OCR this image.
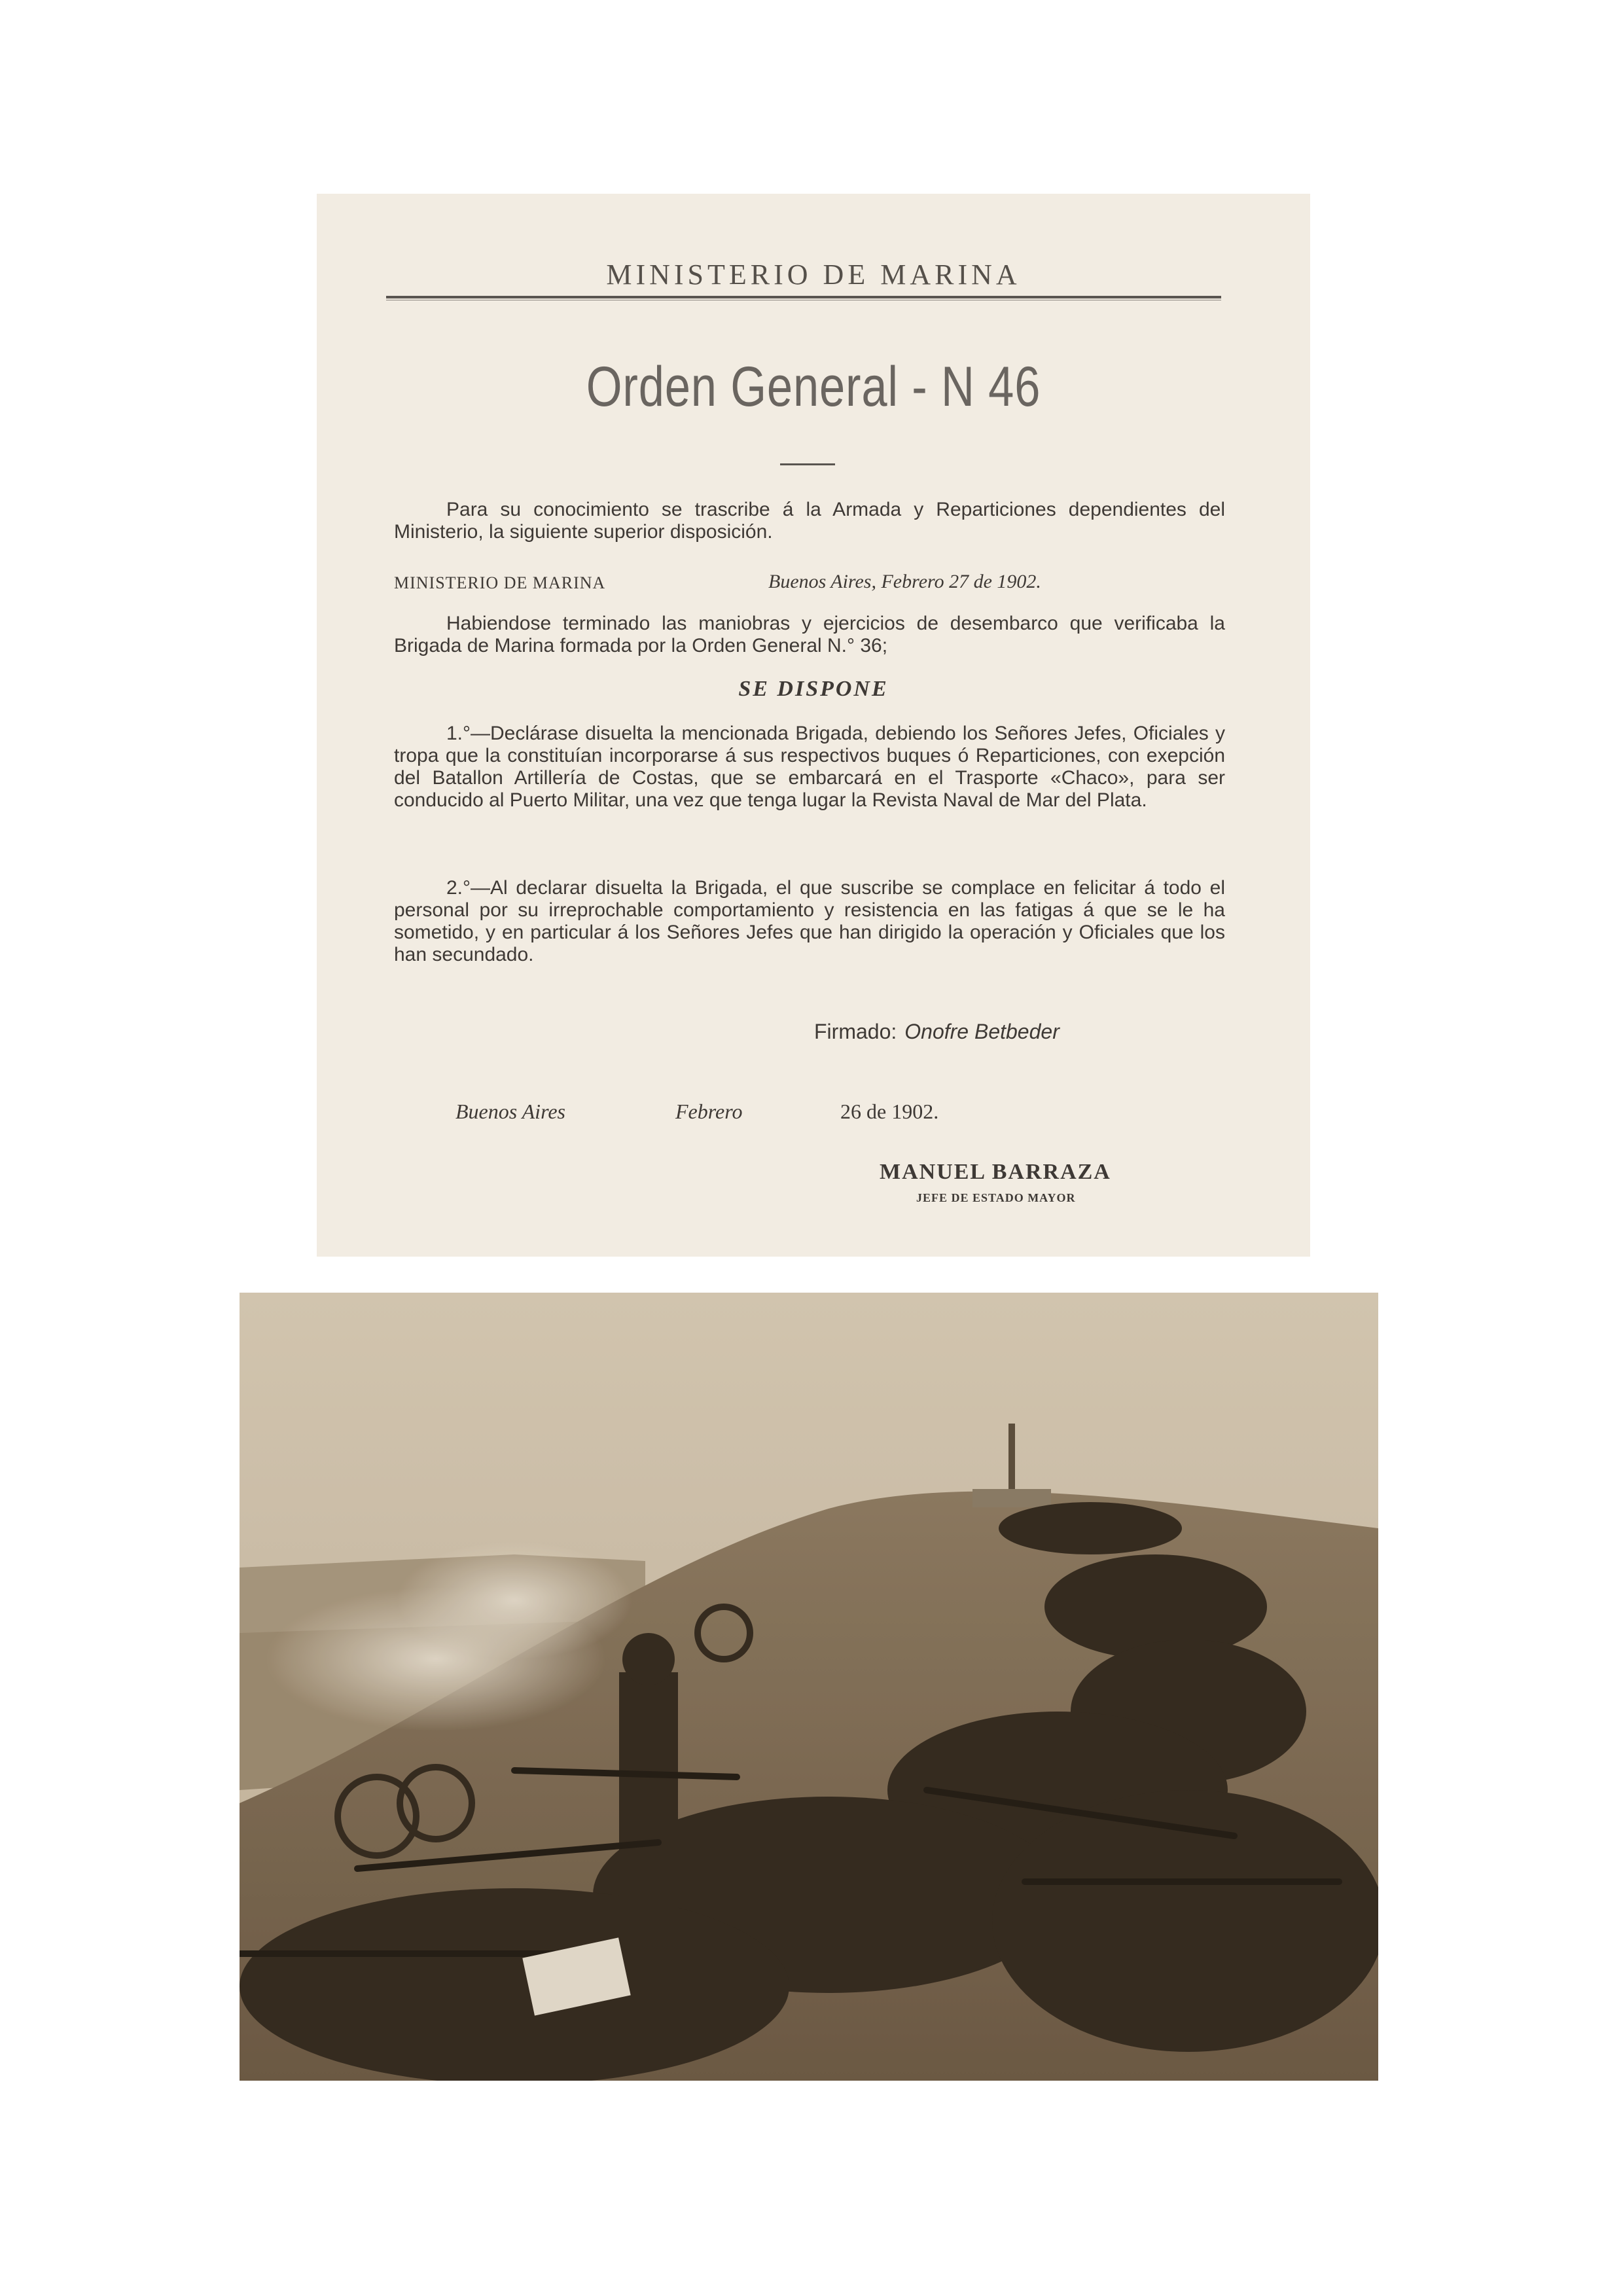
MINISTERIO DE MARINA
Orden General - N 46
Para su conocimiento se trascribe á la Armada y Reparticiones dependientes del Ministerio, la siguiente superior disposición.
MINISTERIO DE MARINA	Buenos Aires, Febrero 27 de 1902.
Habiendose terminado las maniobras y ejercicios de desembarco que verificaba la Brigada de Marina formada por la Orden General N.° 36;
SE DISPONE
1.°—Declárase disuelta la mencionada Brigada, debiendo los Señores Jefes, Oficiales y tropa que la constituían incorporarse á sus respectivos buques ó Reparticiones, con exepción del Batallon Artillería de Costas, que se embarcará en el Trasporte «Chaco», para ser conducido al Puerto Militar, una vez que tenga lugar la Revista Naval de Mar del Plata.
2.°—Al declarar disuelta la Brigada, el que suscribe se complace en felicitar á todo el personal por su irreprochable comportamiento y resistencia en las fatigas á que se le ha sometido, y en particular á los Señores Jefes que han dirigido la operación y Oficiales que los han secundado.
Firmado: Onofre Betbeder
Buenos Aires	Febrero	26 de 1902.
MANUEL BARRAZA
JEFE DE ESTADO MAYOR
